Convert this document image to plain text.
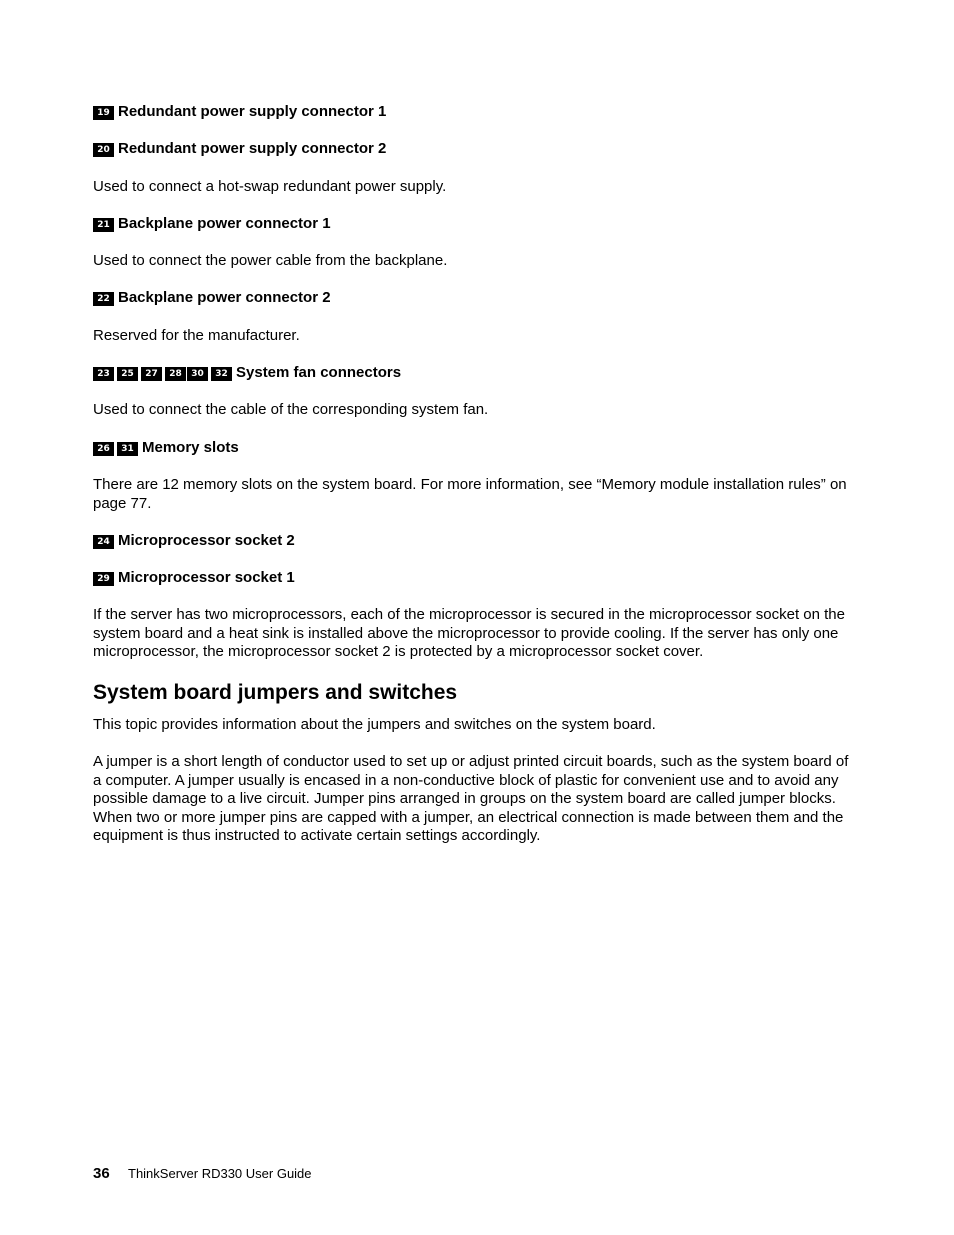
19 Redundant power supply connector 1
20 Redundant power supply connector 2
Used to connect a hot-swap redundant power supply.
21 Backplane power connector 1
Used to connect the power cable from the backplane.
22 Backplane power connector 2
Reserved for the manufacturer.
23 25 27 28 30 32 System fan connectors
Used to connect the cable of the corresponding system fan.
26 31 Memory slots
There are 12 memory slots on the system board. For more information, see “Memory module installation rules” on page 77.
24 Microprocessor socket 2
29 Microprocessor socket 1
If the server has two microprocessors, each of the microprocessor is secured in the microprocessor socket on the system board and a heat sink is installed above the microprocessor to provide cooling. If the server has only one microprocessor, the microprocessor socket 2 is protected by a microprocessor socket cover.
System board jumpers and switches
This topic provides information about the jumpers and switches on the system board.
A jumper is a short length of conductor used to set up or adjust printed circuit boards, such as the system board of a computer. A jumper usually is encased in a non-conductive block of plastic for convenient use and to avoid any possible damage to a live circuit. Jumper pins arranged in groups on the system board are called jumper blocks. When two or more jumper pins are capped with a jumper, an electrical connection is made between them and the equipment is thus instructed to activate certain settings accordingly.
36 ThinkServer RD330 User Guide
